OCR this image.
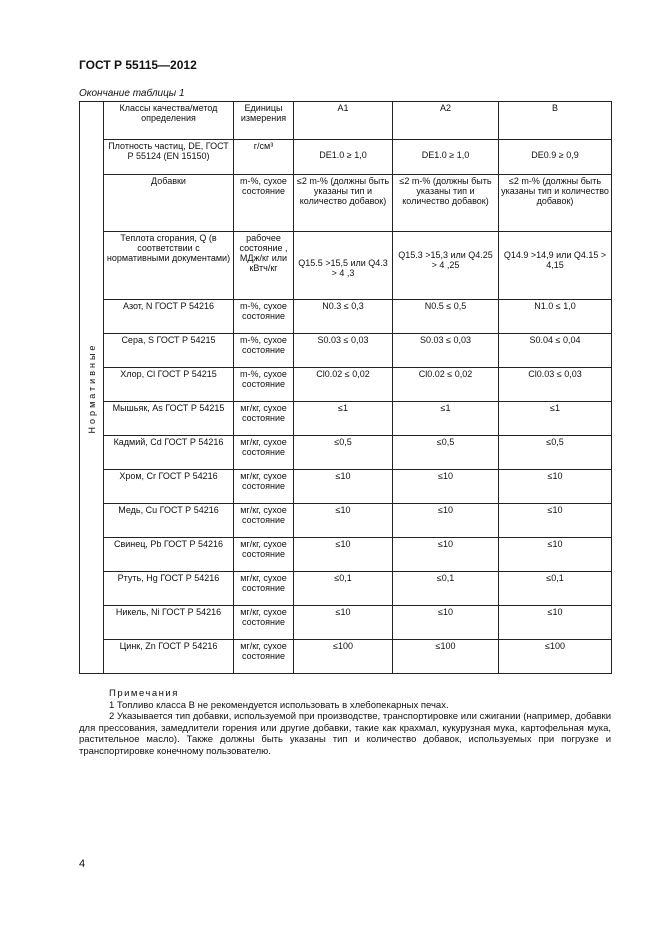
ГОСТ Р 55115—2012
Окончание таблицы 1
Нормативные	Классы качества/метод определения	Единицы измерения	A1	A2	B
	Плотность частиц, DE, ГОСТ Р 55124 (EN 15150)	г/см³	DE1.0 ≥ 1,0	DE1.0 ≥ 1,0	DE0.9 ≥ 0,9
	Добавки	m-%, сухое состояние	≤2 m-% (должны быть указаны тип и количество добавок)	≤2 m-% (должны быть указаны тип и количество добавок)	≤2 m-% (должны быть указаны тип и количество добавок)
	Теплота сгорания, Q (в соответствии с нормативными документами)	рабочее состояние , МДж/кг или кВтч/кг	Q15.5 >15,5 или Q4.3 > 4 ,3	Q15.3 >15,3 или Q4.25 > 4 ,25	Q14.9 >14,9 или Q4.15 > 4,15
	Азот, N ГОСТ Р 54216	m-%, сухое состояние	N0.3 ≤ 0,3	N0.5 ≤ 0,5	N1.0 ≤ 1,0
	Сера, S ГОСТ Р 54215	m-%, сухое состояние	S0.03 ≤ 0,03	S0.03 ≤ 0,03	S0.04 ≤ 0,04
	Хлор, Cl ГОСТ Р 54215	m-%, сухое состояние	Cl0.02 ≤ 0,02	Cl0.02 ≤ 0,02	Cl0.03 ≤ 0,03
	Мышьяк, As ГОСТ Р 54215	мг/кг, сухое состояние	≤1	≤1	≤1
	Кадмий, Cd ГОСТ Р 54216	мг/кг, сухое состояние	≤0,5	≤0,5	≤0,5
	Хром, Cr ГОСТ Р 54216	мг/кг, сухое состояние	≤10	≤10	≤10
	Медь, Cu ГОСТ Р 54216	мг/кг, сухое состояние	≤10	≤10	≤10
	Свинец, Pb ГОСТ Р 54216	мг/кг, сухое состояние	≤10	≤10	≤10
	Ртуть, Hg ГОСТ Р 54216	мг/кг, сухое состояние	≤0,1	≤0,1	≤0,1
	Никель, Ni ГОСТ Р 54216	мг/кг, сухое состояние	≤10	≤10	≤10
	Цинк, Zn ГОСТ Р 54216	мг/кг, сухое состояние	≤100	≤100	≤100

Примечания

1 Топливо класса B не рекомендуется использовать в хлебопекарных печах.

2 Указывается тип добавки, используемой при производстве, транспортировке или сжигании (например, добавки для прессования, замедлители горения или другие добавки, такие как крахмал, кукурузная мука, картофельная мука, растительное масло). Также должны быть указаны тип и количество добавок, используемых при погрузке и транспортировке конечному пользователю.

4
